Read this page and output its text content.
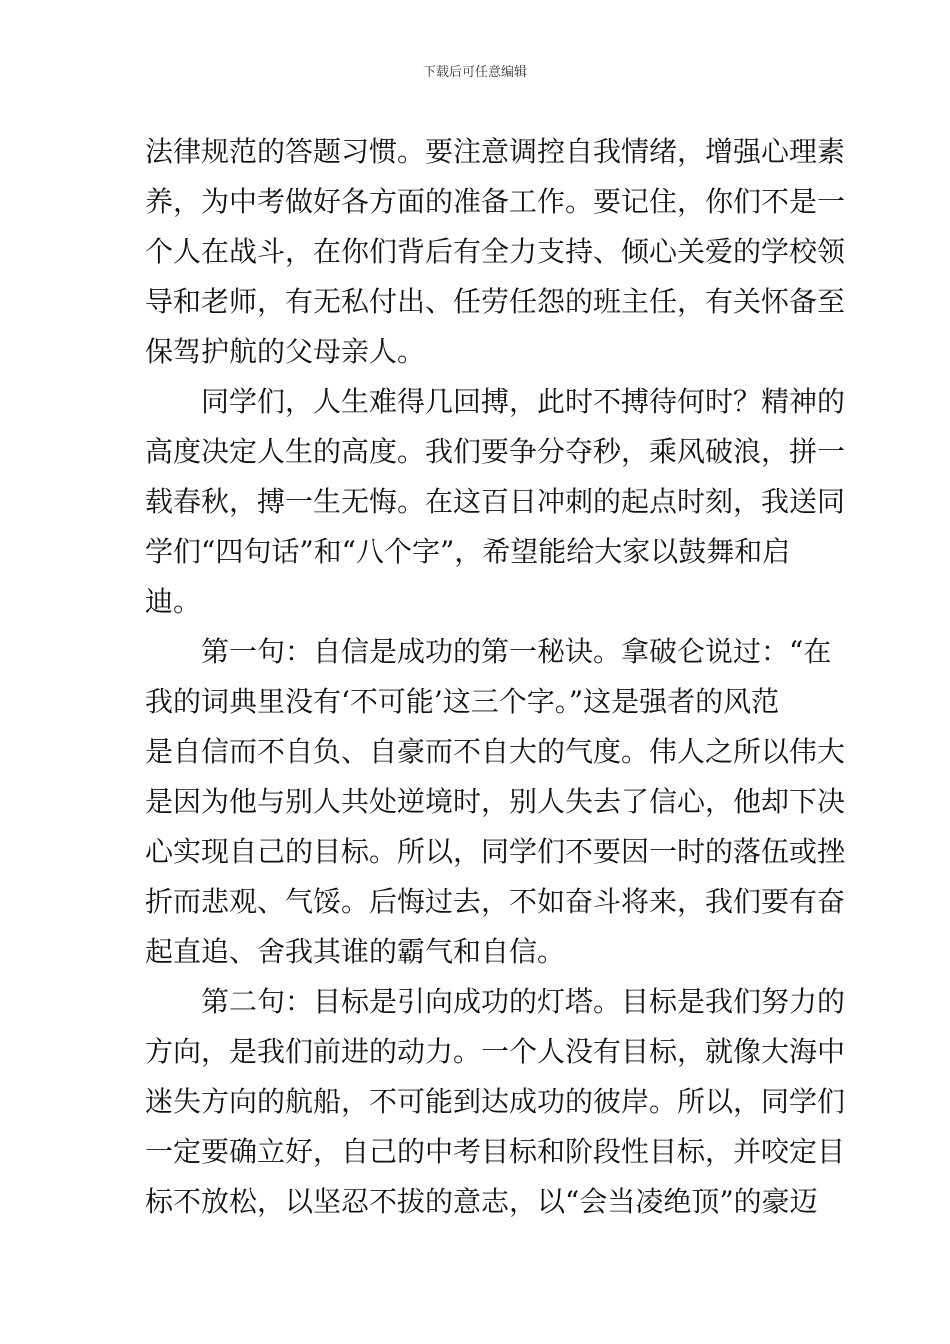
下载后可任意编辑
法律规范的答题习惯。要注意调控自我情绪，增强心理素
养，为中考做好各方面的准备工作。要记住，你们不是一
个人在战斗，在你们背后有全力支持、倾心关爱的学校领
导和老师，有无私付出、任劳任怨的班主任，有关怀备至
保驾护航的父母亲人。
同学们，人生难得几回搏，此时不搏待何时？精神的
高度决定人生的高度。我们要争分夺秒，乘风破浪，拼一
载春秋，搏一生无悔。在这百日冲刺的起点时刻，我送同
学们“四句话”和“八个字”，希望能给大家以鼓舞和启
迪。
第一句：自信是成功的第一秘诀。拿破仑说过：“在
我的词典里没有‘不可能’这三个字。”这是强者的风范
是自信而不自负、自豪而不自大的气度。伟人之所以伟大
是因为他与别人共处逆境时，别人失去了信心，他却下决
心实现自己的目标。所以，同学们不要因一时的落伍或挫
折而悲观、气馁。后悔过去，不如奋斗将来，我们要有奋
起直追、舍我其谁的霸气和自信。
第二句：目标是引向成功的灯塔。目标是我们努力的
方向，是我们前进的动力。一个人没有目标，就像大海中
迷失方向的航船，不可能到达成功的彼岸。所以，同学们
一定要确立好，自己的中考目标和阶段性目标，并咬定目
标不放松，以坚忍不拔的意志，以“会当凌绝顶”的豪迈
